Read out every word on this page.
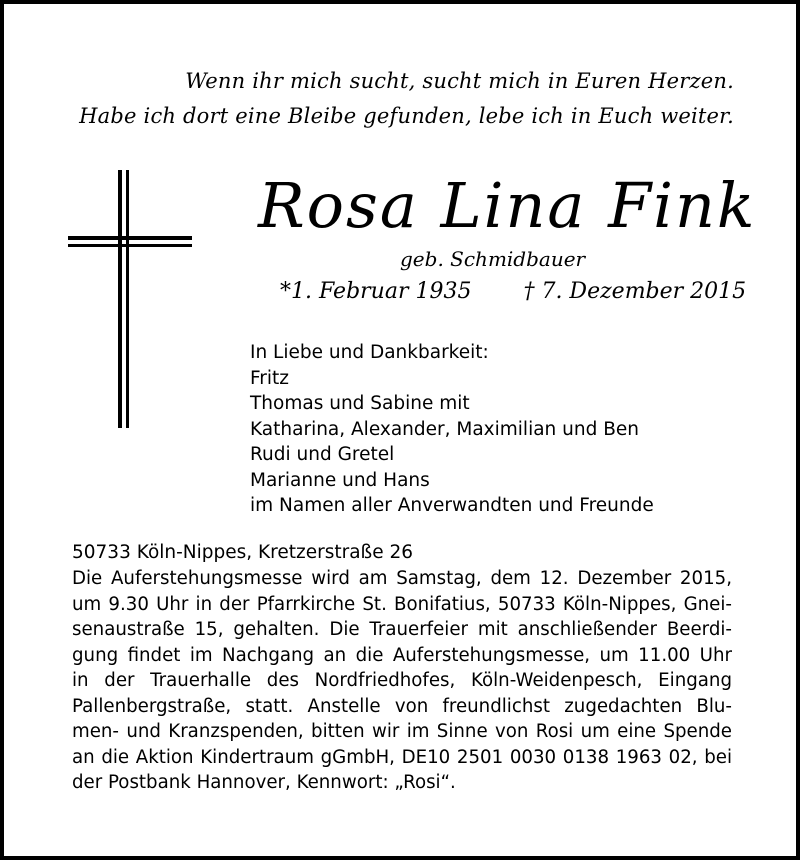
Wenn ihr mich sucht, sucht mich in Euren Herzen.
Habe ich dort eine Bleibe gefunden, lebe ich in Euch weiter.
Rosa Lina Fink
geb. Schmidbauer
*1. Februar 1935 † 7. Dezember 2015
In Liebe und Dankbarkeit:
Fritz
Thomas und Sabine mit
Katharina, Alexander, Maximilian und Ben
Rudi und Gretel
Marianne und Hans
im Namen aller Anverwandten und Freunde
50733 Köln-Nippes, Kretzerstraße 26
Die Auferstehungsmesse wird am Samstag, dem 12. Dezember 2015,
um 9.30 Uhr in der Pfarrkirche St. Bonifatius, 50733 Köln-Nippes, Gnei-
senaustraße 15, gehalten. Die Trauerfeier mit anschließender Beerdi-
gung findet im Nachgang an die Auferstehungsmesse, um 11.00 Uhr
in der Trauerhalle des Nordfriedhofes, Köln-Weidenpesch, Eingang
Pallenbergstraße, statt. Anstelle von freundlichst zugedachten Blu-
men- und Kranzspenden, bitten wir im Sinne von Rosi um eine Spende
an die Aktion Kindertraum gGmbH, DE10 2501 0030 0138 1963 02, bei
der Postbank Hannover, Kennwort: „Rosi“.
